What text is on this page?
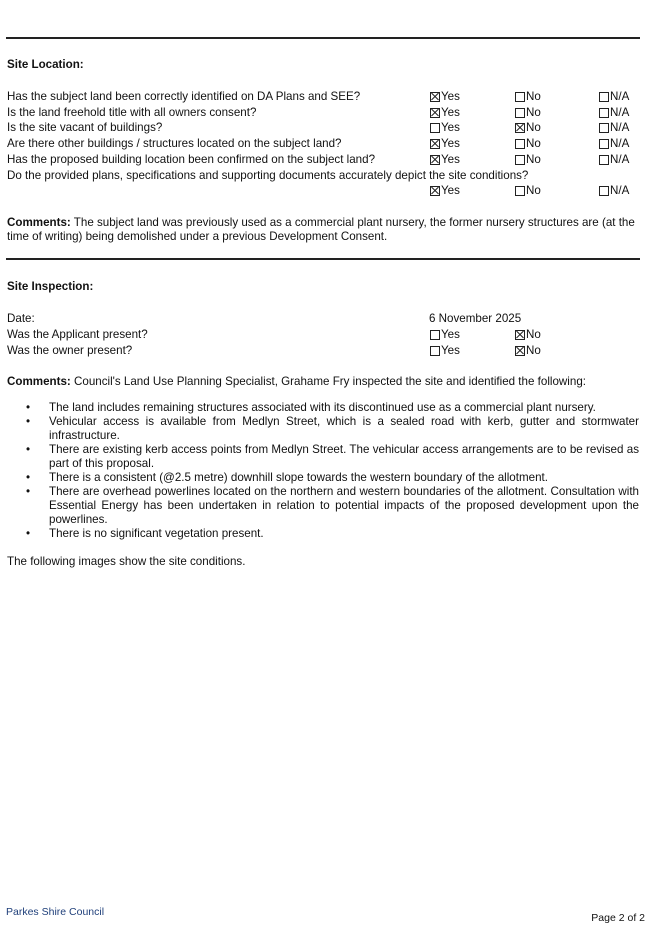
Site Location:
Has the subject land been correctly identified on DA Plans and SEE?	Yes	No	N/A
Is the land freehold title with all owners consent?	Yes	No	N/A
Is the site vacant of buildings?	Yes	No	N/A
Are there other buildings / structures located on the subject land?	Yes	No	N/A
Has the proposed building location been confirmed on the subject land?	Yes	No	N/A
Do the provided plans, specifications and supporting documents accurately depict the site conditions?
Yes	No	N/A
Comments: The subject land was previously used as a commercial plant nursery, the former nursery structures are (at the time of writing) being demolished under a previous Development Consent.
Site Inspection:
Date:	6 November 2025
Was the Applicant present?	Yes	No
Was the owner present?	Yes	No
Comments: Council's Land Use Planning Specialist, Grahame Fry inspected the site and identified the following:
• The land includes remaining structures associated with its discontinued use as a commercial plant nursery.
• Vehicular access is available from Medlyn Street, which is a sealed road with kerb, gutter and stormwater infrastructure.
• There are existing kerb access points from Medlyn Street. The vehicular access arrangements are to be revised as part of this proposal.
• There is a consistent (@2.5 metre) downhill slope towards the western boundary of the allotment.
• There are overhead powerlines located on the northern and western boundaries of the allotment. Consultation with Essential Energy has been undertaken in relation to potential impacts of the proposed development upon the powerlines.
• There is no significant vegetation present.
The following images show the site conditions.
Parkes Shire Council	Page 2 of 2
